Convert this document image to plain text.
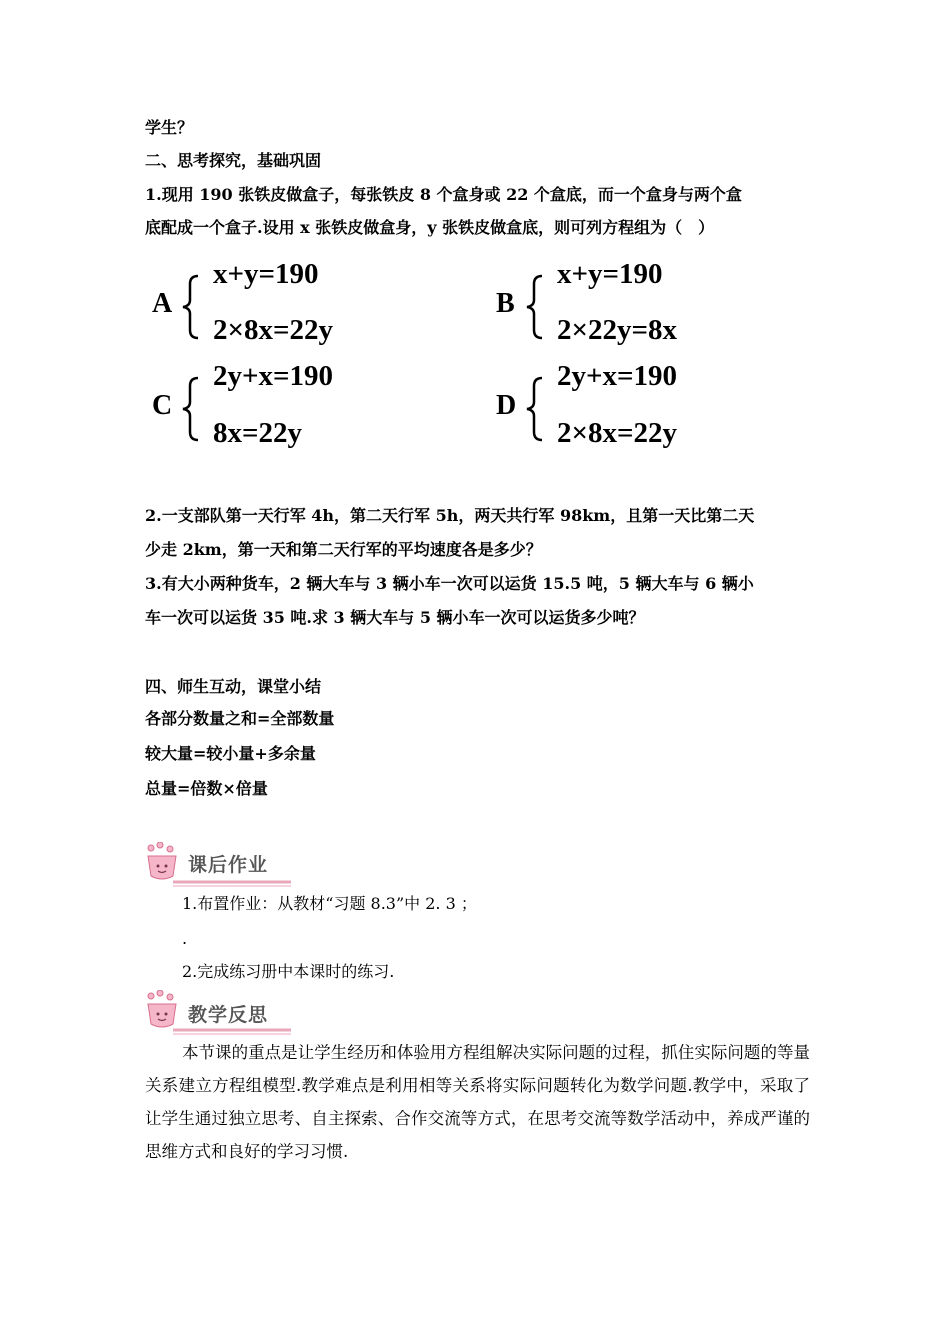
学生？
二、思考探究，基础巩固
1.现用 190 张铁皮做盒子，每张铁皮 8 个盒身或 22 个盒底，而一个盒身与两个盒
底配成一个盒子.设用 x 张铁皮做盒身，y 张铁皮做盒底，则可列方程组为（　）
A
x+y=190
2×8x=22y
B
x+y=190
2×22y=8x
C
2y+x=190
8x=22y
D
2y+x=190
2×8x=22y
2.一支部队第一天行军 4h，第二天行军 5h，两天共行军 98km，且第一天比第二天
少走 2km，第一天和第二天行军的平均速度各是多少？
3.有大小两种货车，2 辆大车与 3 辆小车一次可以运货 15.5 吨，5 辆大车与 6 辆小
车一次可以运货 35 吨.求 3 辆大车与 5 辆小车一次可以运货多少吨？
四、师生互动，课堂小结
各部分数量之和=全部数量
较大量=较小量+多余量
总量=倍数×倍量
课后作业
1.布置作业：从教材“习题 8.3”中 2. 3 ；
.
2.完成练习册中本课时的练习.
教学反思
本节课的重点是让学生经历和体验用方程组解决实际问题的过程，抓住实际问题的等量关系建立方程组模型.教学难点是利用相等关系将实际问题转化为数学问题.教学中，采取了让学生通过独立思考、自主探索、合作交流等方式，在思考交流等数学活动中，养成严谨的思维方式和良好的学习习惯.
